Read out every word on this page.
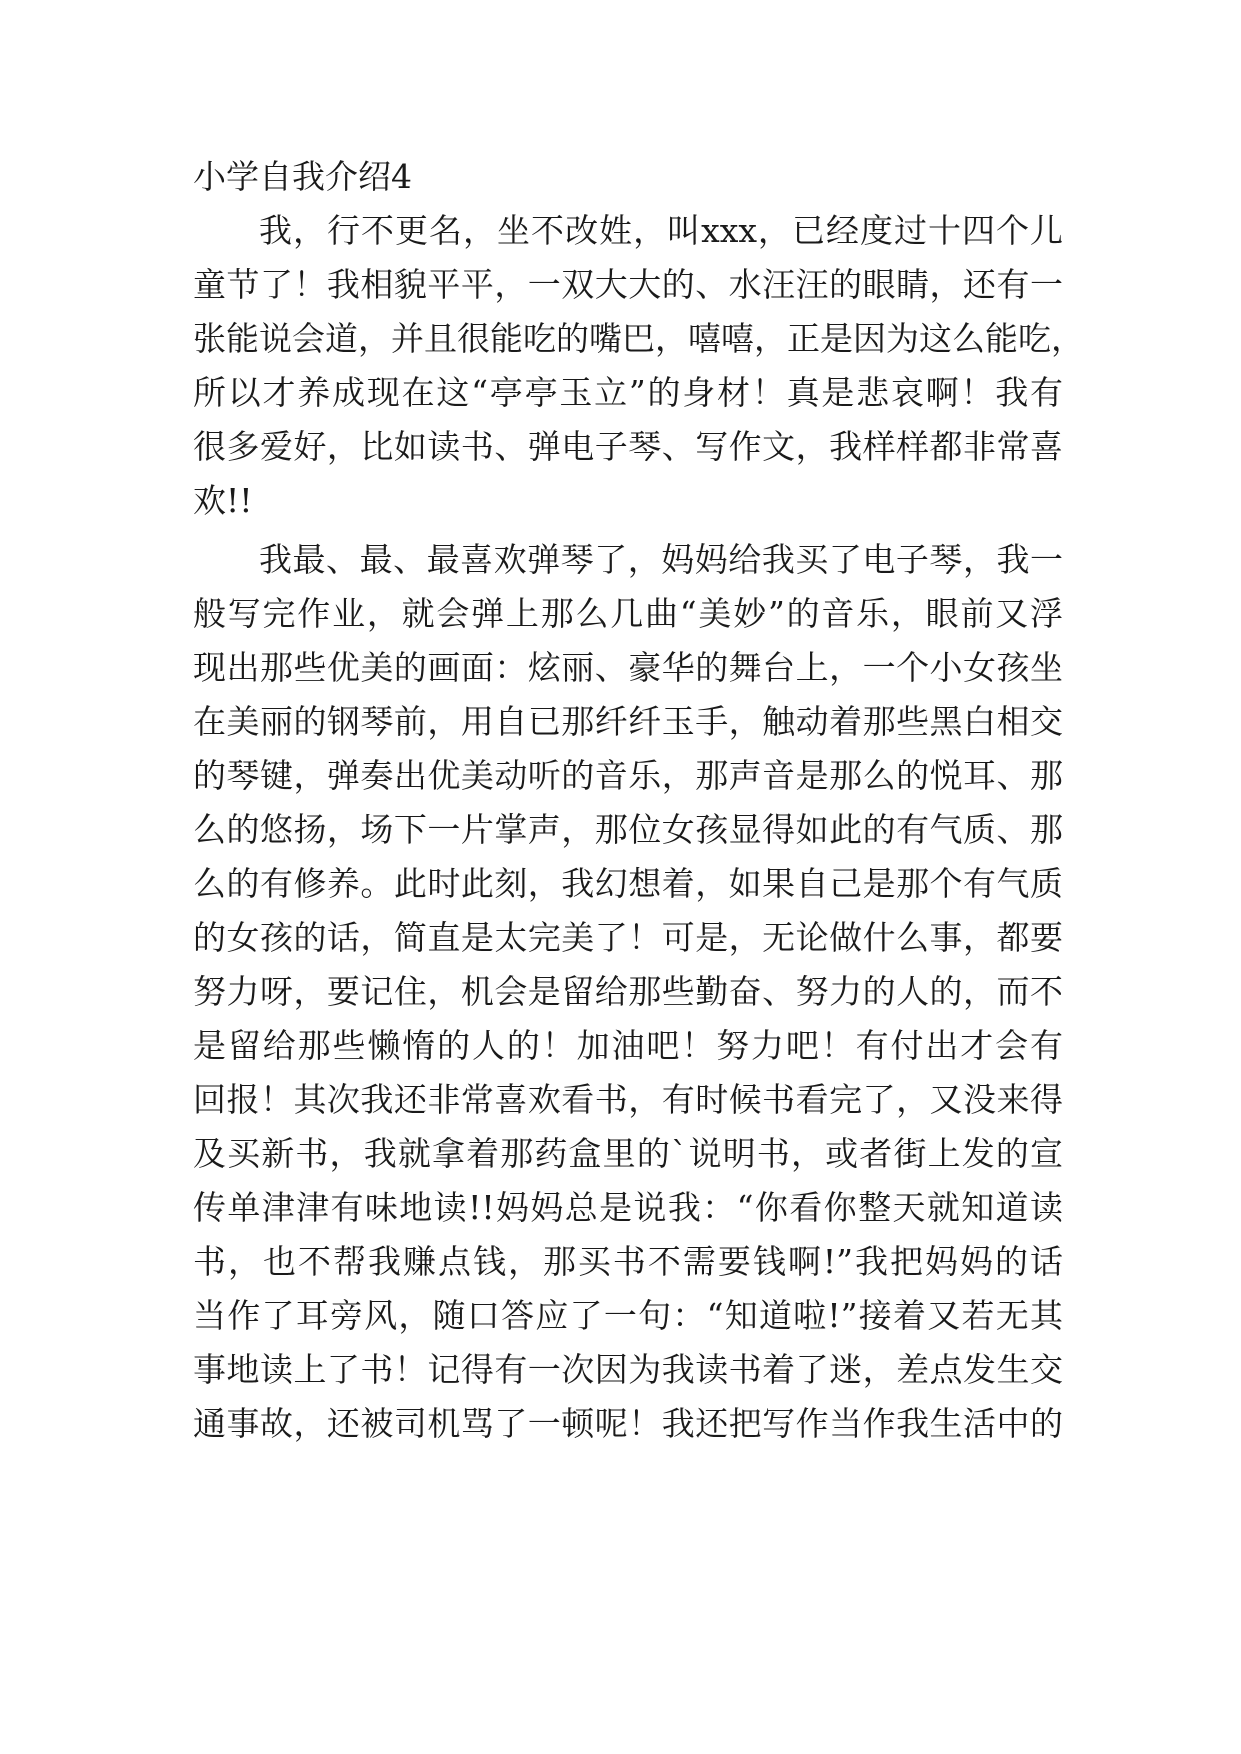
小学自我介绍4
我，行不更名，坐不改姓，叫xxx，已经度过十四个儿
童节了！我相貌平平，一双大大的、水汪汪的眼睛，还有一
张能说会道，并且很能吃的嘴巴，嘻嘻，正是因为这么能吃，
所以才养成现在这“亭亭玉立”的身材！真是悲哀啊！我有
很多爱好，比如读书、弹电子琴、写作文，我样样都非常喜
欢!!
我最、最、最喜欢弹琴了，妈妈给我买了电子琴，我一
般写完作业，就会弹上那么几曲“美妙”的音乐，眼前又浮
现出那些优美的画面：炫丽、豪华的舞台上，一个小女孩坐
在美丽的钢琴前，用自已那纤纤玉手，触动着那些黑白相交
的琴键，弹奏出优美动听的音乐，那声音是那么的悦耳、那
么的悠扬，场下一片掌声，那位女孩显得如此的有气质、那
么的有修养。此时此刻，我幻想着，如果自己是那个有气质
的女孩的话，简直是太完美了！可是，无论做什么事，都要
努力呀，要记住，机会是留给那些勤奋、努力的人的，而不
是留给那些懒惰的人的！加油吧！努力吧！有付出才会有
回报！其次我还非常喜欢看书，有时候书看完了，又没来得
及买新书，我就拿着那药盒里的`说明书，或者街上发的宣
传单津津有味地读!!妈妈总是说我：“你看你整天就知道读
书，也不帮我赚点钱，那买书不需要钱啊!”我把妈妈的话
当作了耳旁风，随口答应了一句：“知道啦!”接着又若无其
事地读上了书！记得有一次因为我读书着了迷，差点发生交
通事故，还被司机骂了一顿呢！我还把写作当作我生活中的
